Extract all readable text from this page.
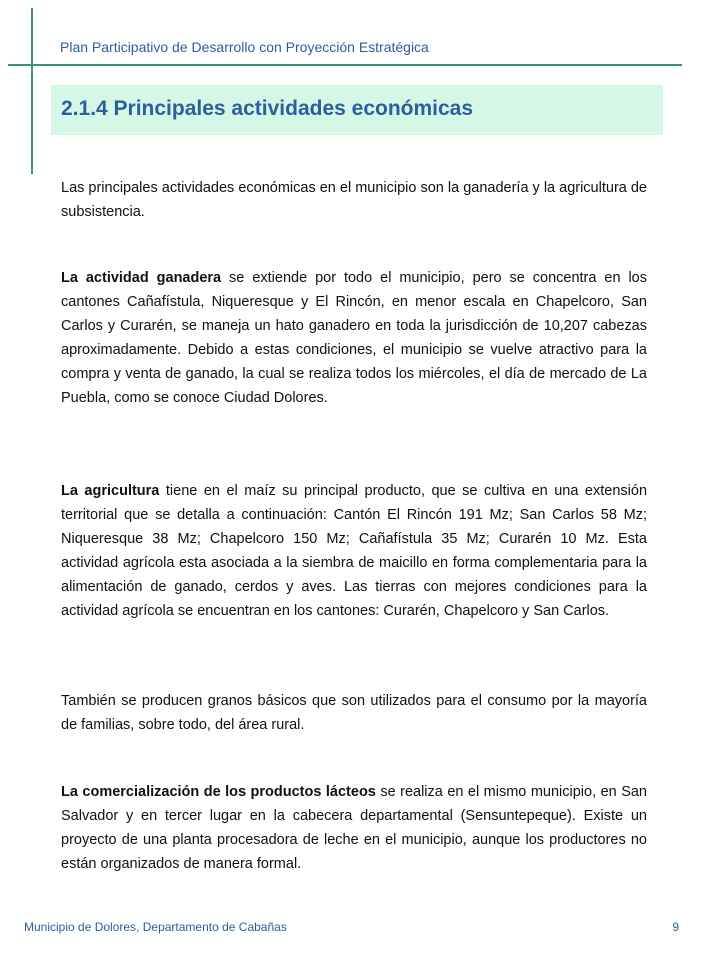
Plan Participativo de Desarrollo con Proyección Estratégica
2.1.4 Principales actividades económicas

Las principales actividades económicas en el municipio son la ganadería y la agricultura de subsistencia.

La actividad ganadera se extiende por todo el municipio, pero se concentra en los cantones Cañafístula, Niqueresque y El Rincón, en menor escala en Chapelcoro, San Carlos y Curarén, se maneja un hato ganadero en toda la jurisdicción de 10,207 cabezas aproximadamente. Debido a estas condiciones, el municipio se vuelve atractivo para la compra y venta de ganado, la cual se realiza todos los miércoles, el día de mercado de La Puebla, como se conoce Ciudad Dolores.

La agricultura tiene en el maíz su principal producto, que se cultiva en una extensión territorial que se detalla a continuación: Cantón El Rincón 191 Mz; San Carlos 58 Mz; Niqueresque 38 Mz; Chapelcoro 150 Mz; Cañafístula 35 Mz; Curarén 10 Mz. Esta actividad agrícola esta asociada a la siembra de maicillo en forma complementaria para la alimentación de ganado, cerdos y aves. Las tierras con mejores condiciones para la actividad agrícola se encuentran en los cantones: Curarén, Chapelcoro y San Carlos.

También se producen granos básicos que son utilizados para el consumo por la mayoría de familias, sobre todo, del área rural.

La comercialización de los productos lácteos se realiza en el mismo municipio, en San Salvador y en tercer lugar en la cabecera departamental (Sensuntepeque). Existe un proyecto de una planta procesadora de leche en el municipio, aunque los productores no están organizados de manera formal.

Municipio de Dolores, Departamento de Cabañas	9
